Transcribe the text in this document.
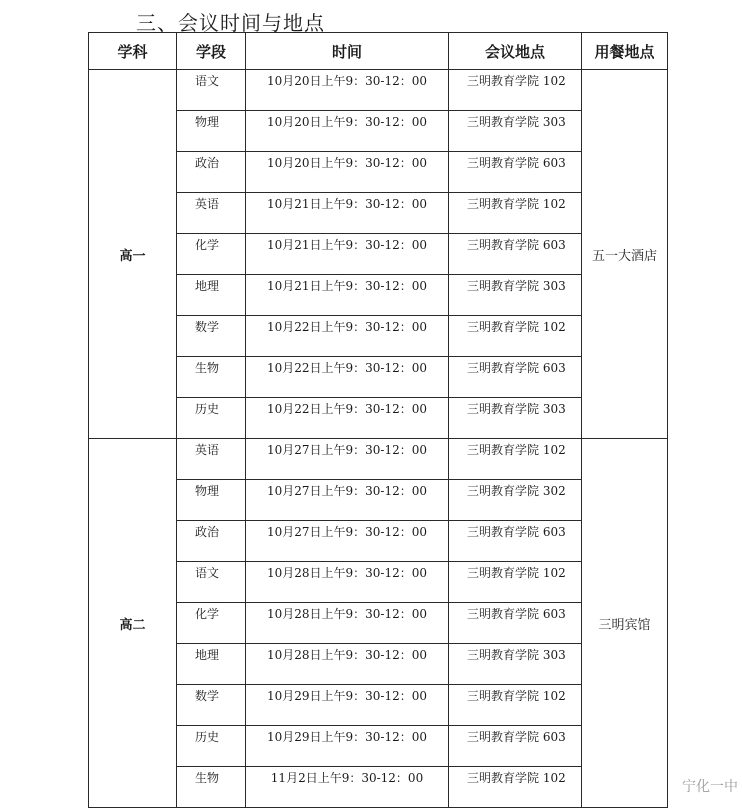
三、会议时间与地点
学科	学段	时间	会议地点	用餐地点
高一	语文	10月20日上午9：30-12：00	三明教育学院 102	五一大酒店
	物理	10月20日上午9：30-12：00	三明教育学院 303	
	政治	10月20日上午9：30-12：00	三明教育学院 603	
	英语	10月21日上午9：30-12：00	三明教育学院 102	
	化学	10月21日上午9：30-12：00	三明教育学院 603	
	地理	10月21日上午9：30-12：00	三明教育学院 303	
	数学	10月22日上午9：30-12：00	三明教育学院 102	
	生物	10月22日上午9：30-12：00	三明教育学院 603	
	历史	10月22日上午9：30-12：00	三明教育学院 303	
高二	英语	10月27日上午9：30-12：00	三明教育学院 102	三明宾馆
	物理	10月27日上午9：30-12：00	三明教育学院 302	
	政治	10月27日上午9：30-12：00	三明教育学院 603	
	语文	10月28日上午9：30-12：00	三明教育学院 102	
	化学	10月28日上午9：30-12：00	三明教育学院 603	
	地理	10月28日上午9：30-12：00	三明教育学院 303	
	数学	10月29日上午9：30-12：00	三明教育学院 102	
	历史	10月29日上午9：30-12：00	三明教育学院 603	
	生物	11月2日上午9：30-12：00	三明教育学院 102	
宁化一中
